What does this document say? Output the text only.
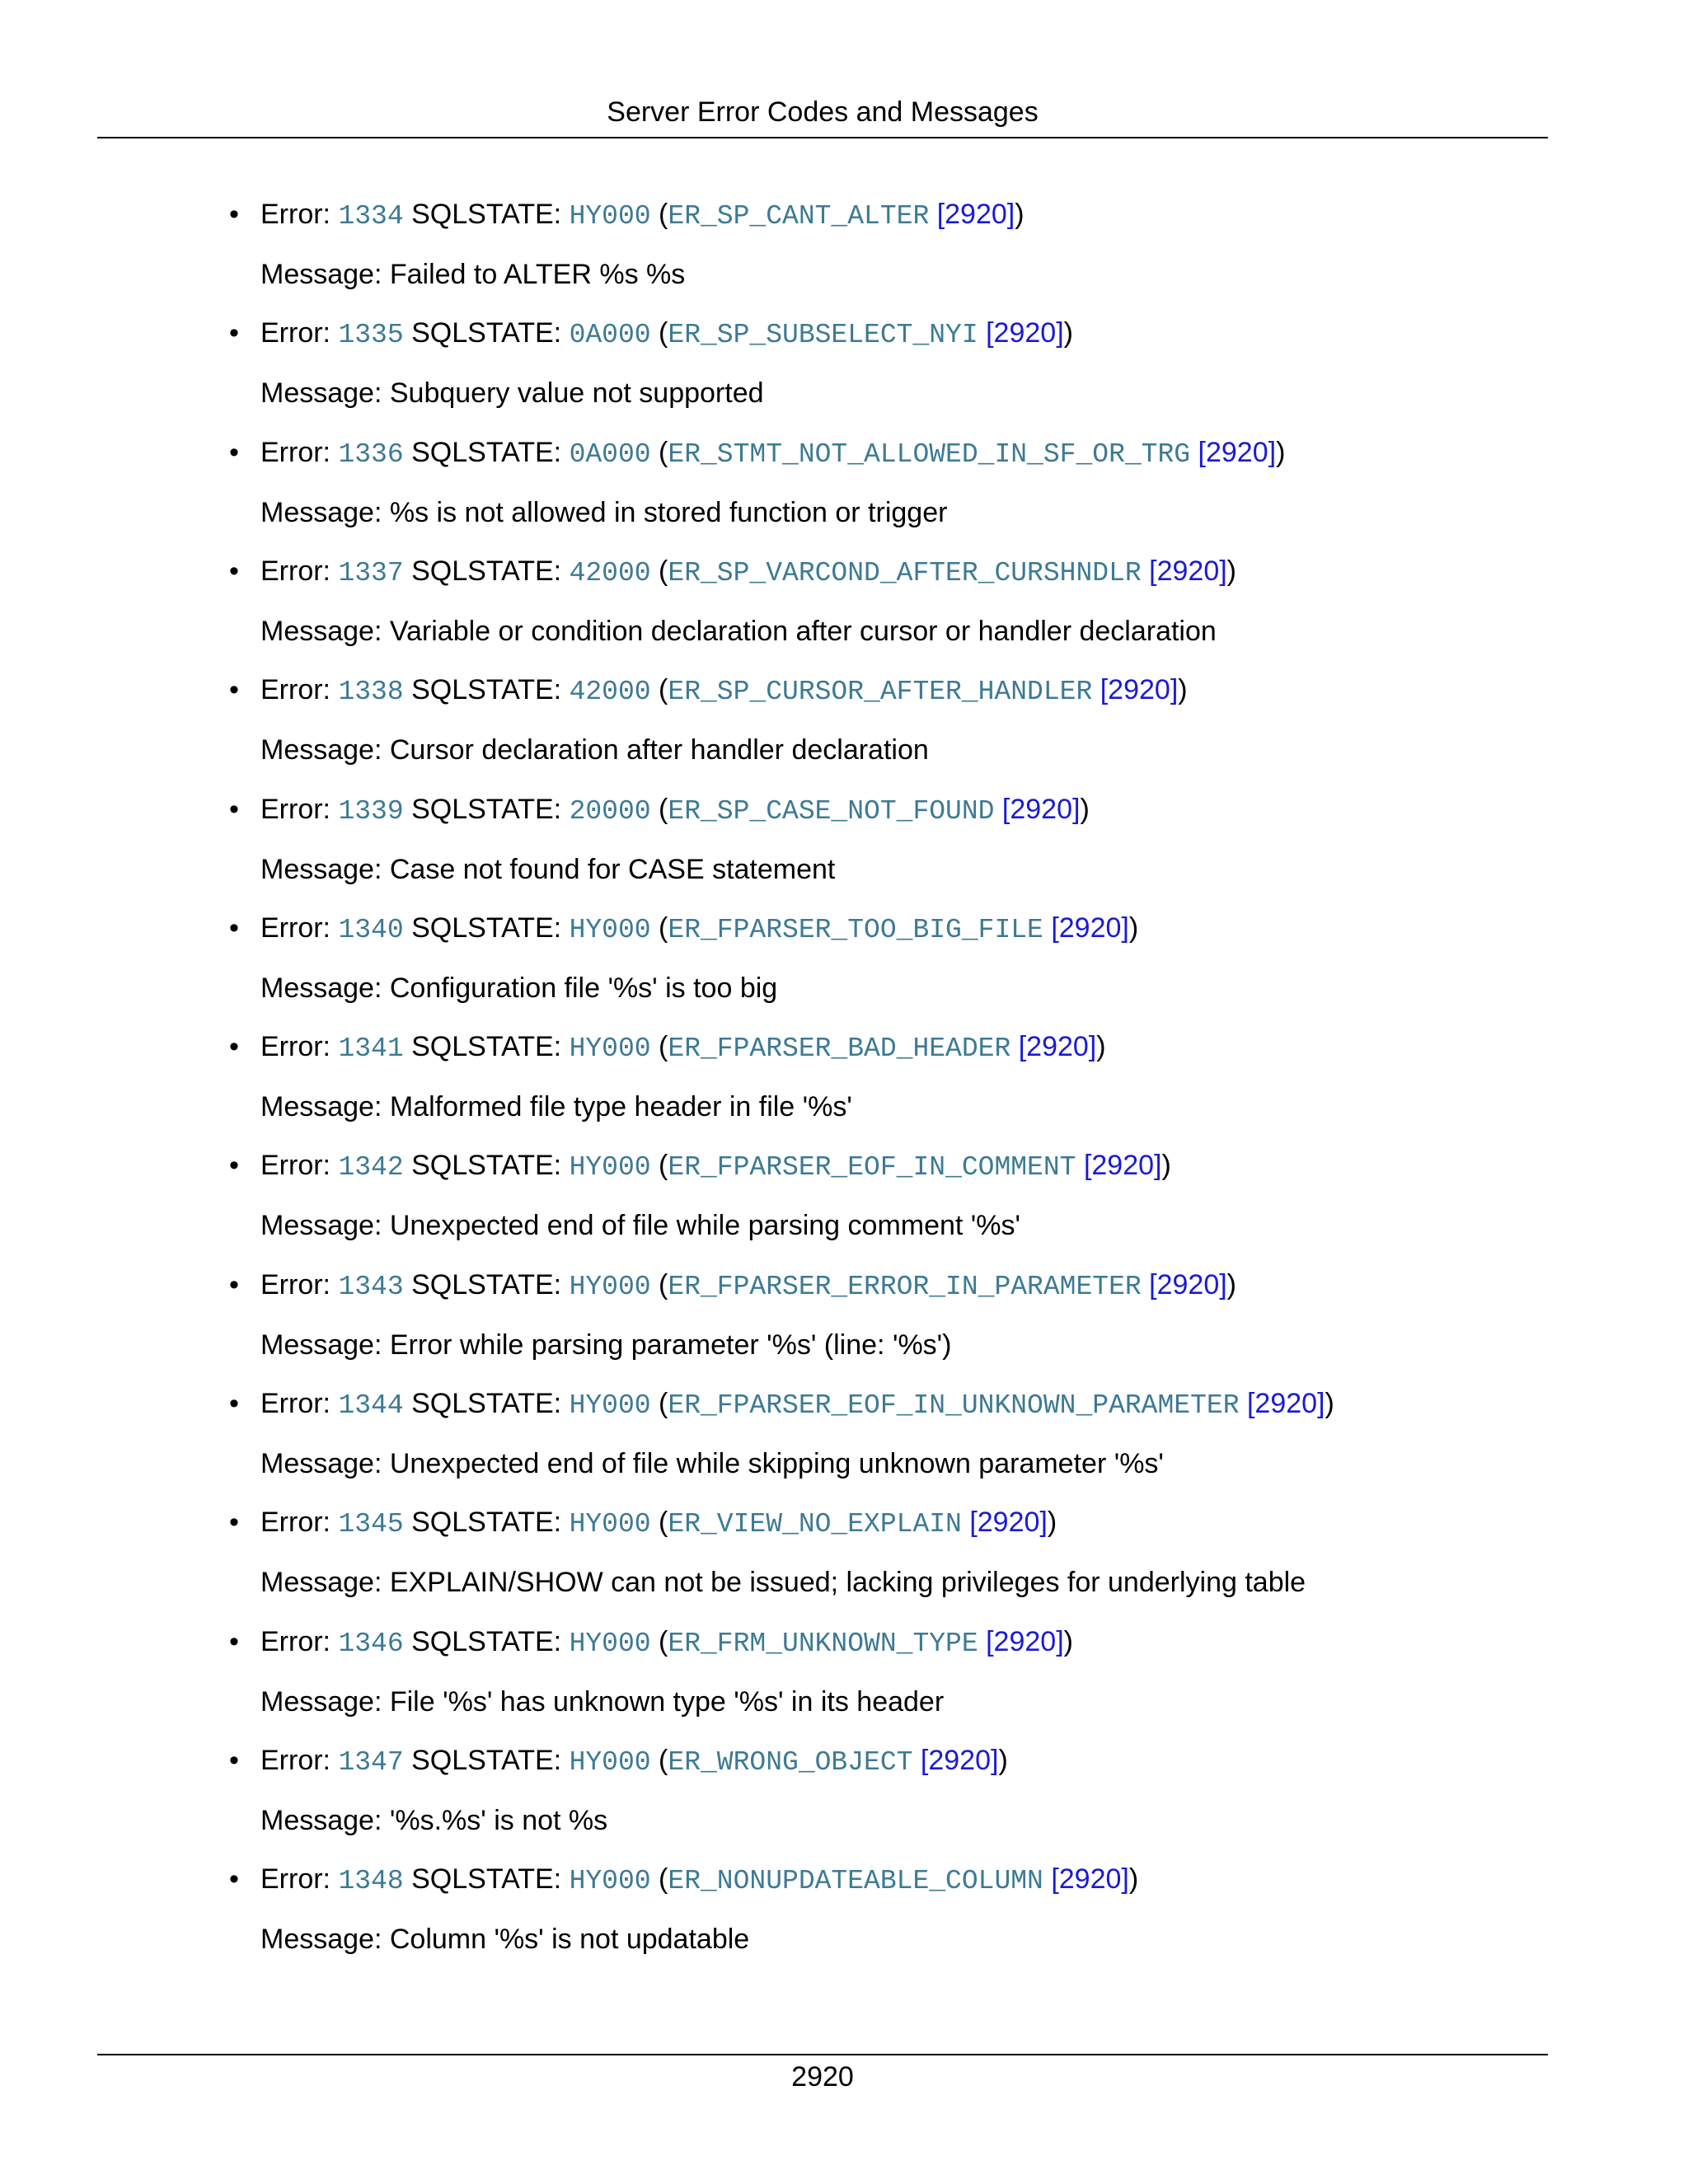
Server Error Codes and Messages
• Error: 1334 SQLSTATE: HY000 (ER_SP_CANT_ALTER [2920])
Message: Failed to ALTER %s %s
• Error: 1335 SQLSTATE: 0A000 (ER_SP_SUBSELECT_NYI [2920])
Message: Subquery value not supported
• Error: 1336 SQLSTATE: 0A000 (ER_STMT_NOT_ALLOWED_IN_SF_OR_TRG [2920])
Message: %s is not allowed in stored function or trigger
• Error: 1337 SQLSTATE: 42000 (ER_SP_VARCOND_AFTER_CURSHNDLR [2920])
Message: Variable or condition declaration after cursor or handler declaration
• Error: 1338 SQLSTATE: 42000 (ER_SP_CURSOR_AFTER_HANDLER [2920])
Message: Cursor declaration after handler declaration
• Error: 1339 SQLSTATE: 20000 (ER_SP_CASE_NOT_FOUND [2920])
Message: Case not found for CASE statement
• Error: 1340 SQLSTATE: HY000 (ER_FPARSER_TOO_BIG_FILE [2920])
Message: Configuration file '%s' is too big
• Error: 1341 SQLSTATE: HY000 (ER_FPARSER_BAD_HEADER [2920])
Message: Malformed file type header in file '%s'
• Error: 1342 SQLSTATE: HY000 (ER_FPARSER_EOF_IN_COMMENT [2920])
Message: Unexpected end of file while parsing comment '%s'
• Error: 1343 SQLSTATE: HY000 (ER_FPARSER_ERROR_IN_PARAMETER [2920])
Message: Error while parsing parameter '%s' (line: '%s')
• Error: 1344 SQLSTATE: HY000 (ER_FPARSER_EOF_IN_UNKNOWN_PARAMETER [2920])
Message: Unexpected end of file while skipping unknown parameter '%s'
• Error: 1345 SQLSTATE: HY000 (ER_VIEW_NO_EXPLAIN [2920])
Message: EXPLAIN/SHOW can not be issued; lacking privileges for underlying table
• Error: 1346 SQLSTATE: HY000 (ER_FRM_UNKNOWN_TYPE [2920])
Message: File '%s' has unknown type '%s' in its header
• Error: 1347 SQLSTATE: HY000 (ER_WRONG_OBJECT [2920])
Message: '%s.%s' is not %s
• Error: 1348 SQLSTATE: HY000 (ER_NONUPDATEABLE_COLUMN [2920])
Message: Column '%s' is not updatable
2920
